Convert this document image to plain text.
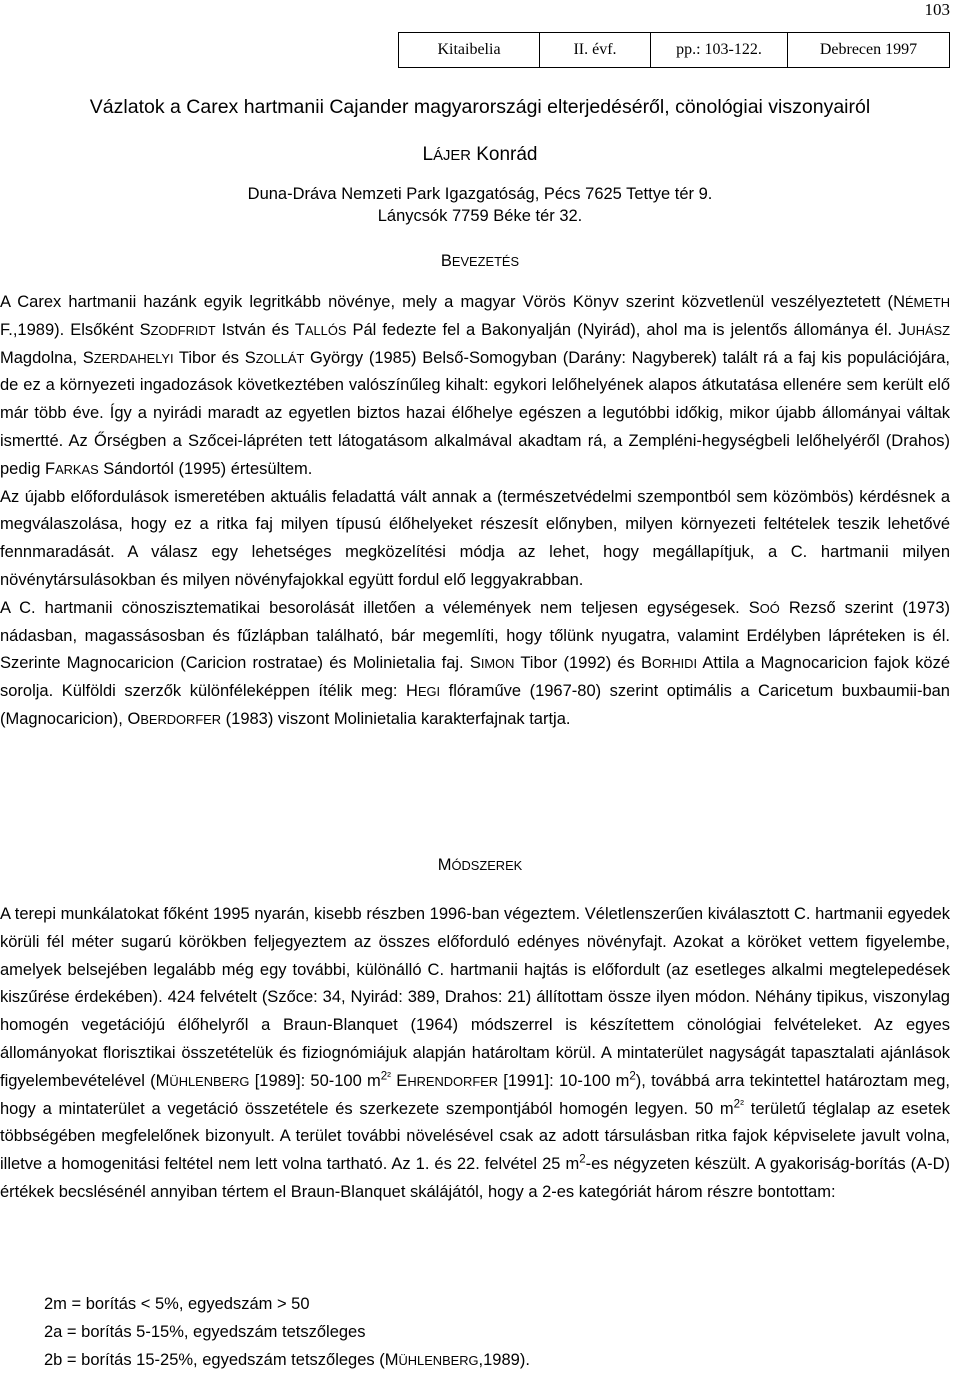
103
Kitaibelia	II. évf.	pp.: 103-122.	Debrecen 1997
Vázlatok a Carex hartmanii Cajander magyarországi elterjedéséről, cönológiai viszonyairól
LÁJER Konrád
Duna-Dráva Nemzeti Park Igazgatóság, Pécs 7625 Tettye tér 9.
Lánycsók 7759 Béke tér 32.
BEVEZETÉS

A Carex hartmanii hazánk egyik legritkább növénye, mely a magyar Vörös Könyv szerint közvetlenül veszélyeztetett (NÉMETH F.,1989). Elsőként SZODFRIDT István és TALLÓS Pál fedezte fel a Bakonyalján (Nyirád), ahol ma is jelentős állománya él. JUHÁSZ Magdolna, SZERDAHELYI Tibor és SZOLLÁT György (1985) Belső-Somogyban (Darány: Nagyberek) talált rá a faj kis populációjára, de ez a környezeti ingadozások következtében valószínűleg kihalt: egykori lelőhelyének alapos átkutatása ellenére sem került elő már több éve. Így a nyirádi maradt az egyetlen biztos hazai élőhelye egészen a legutóbbi időkig, mikor újabb állományai váltak ismertté. Az Őrségben a Szőcei-lápréten tett látogatásom alkalmával akadtam rá, a Zempléni-hegységbeli lelőhelyéről (Drahos) pedig FARKAS Sándortól (1995) értesültem.

Az újabb előfordulások ismeretében aktuális feladattá vált annak a (természetvédelmi szempontból sem közömbös) kérdésnek a megválaszolása, hogy ez a ritka faj milyen típusú élőhelyeket részesít előnyben, milyen környezeti feltételek teszik lehetővé fennmaradását. A válasz egy lehetséges megközelítési módja az lehet, hogy megállapítjuk, a C. hartmanii milyen növénytársulásokban és milyen növényfajokkal együtt fordul elő leggyakrabban.

A C. hartmanii cönoszisztematikai besorolását illetően a vélemények nem teljesen egységesek. SOÓ Rezső szerint (1973) nádasban, magassásosban és fűzlápban található, bár megemlíti, hogy tőlünk nyugatra, valamint Erdélyben lápréteken is él. Szerinte Magnocaricion (Caricion rostratae) és Molinietalia faj. SIMON Tibor (1992) és BORHIDI Attila a Magnocaricion fajok közé sorolja. Külföldi szerzők különféleképpen ítélik meg: HEGI flóraműve (1967-80) szerint optimális a Caricetum buxbaumii-ban (Magnocaricion), OBERDORFER (1983) viszont Molinietalia karakterfajnak tartja.

MÓDSZEREK

A terepi munkálatokat főként 1995 nyarán, kisebb részben 1996-ban végeztem. Véletlenszerűen kiválasztott C. hartmanii egyedek körüli fél méter sugarú körökben feljegyeztem az összes előforduló edényes növényfajt. Azokat a köröket vettem figyelembe, amelyek belsejében legalább még egy további, különálló C. hartmanii hajtás is előfordult (az esetleges alkalmi megtelepedések kiszűrése érdekében). 424 felvételt (Szőce: 34, Nyirád: 389, Drahos: 21) állítottam össze ilyen módon. Néhány tipikus, viszonylag homogén vegetációjú élőhelyről a Braun-Blanquet (1964) módszerrel is készítettem cönológiai felvételeket. Az egyes állományokat florisztikai összetételük és fiziognómiájuk alapján határoltam körül. A mintaterület nagyságát tapasztalati ajánlások figyelembevételével (MÜHLENBERG [1989]: 50-100 $m^{2^2}$ EHRENDORFER [1991]: 10-100 $m^2$), továbbá arra tekintettel határoztam meg, hogy a mintaterület a vegetáció összetétele és szerkezete szempontjából homogén legyen. 50 $m^{2^2}$ területű téglalap az esetek többségében megfelelőnek bizonyult. A terület további növelésével csak az adott társulásban ritka fajok képviselete javult volna, illetve a homogenitási feltétel nem lett volna tartható. Az 1. és 22. felvétel 25 $m^2-es$ négyzeten készült. A gyakoriság-borítás (A-D) értékek becslésénél annyiban tértem el Braun-Blanquet skálájától, hogy a 2-es kategóriát három részre bontottam:

2m = borítás < 5%, egyedszám > 50
2a = borítás 5-15%, egyedszám tetszőleges
2b = borítás 15-25%, egyedszám tetszőleges (MÜHLENBERG,1989).
